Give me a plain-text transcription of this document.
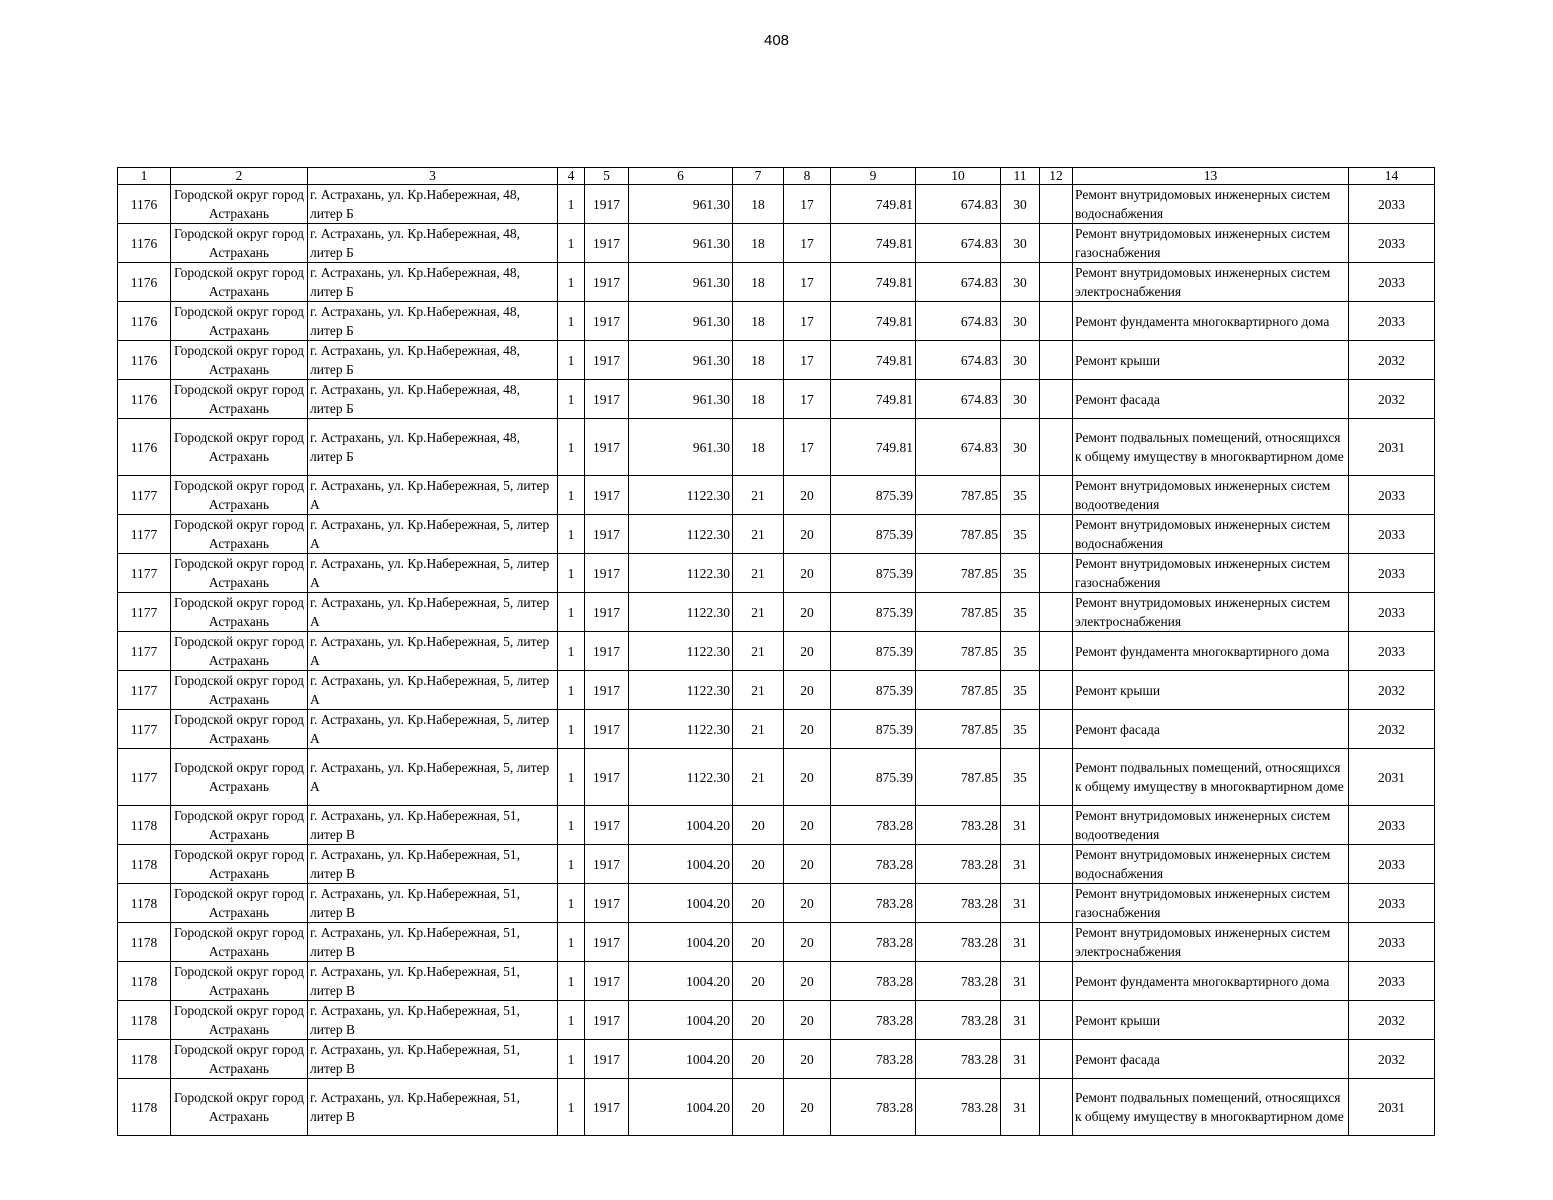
408
1	2	3	4	5	6	7	8	9	10	11	12	13	14
1176	Городской округ город Астрахань	г. Астрахань, ул. Кр.Набережная, 48, литер Б	1	1917	961.30	18	17	749.81	674.83	30		Ремонт внутридомовых инженерных систем водоснабжения	2033
1176	Городской округ город Астрахань	г. Астрахань, ул. Кр.Набережная, 48, литер Б	1	1917	961.30	18	17	749.81	674.83	30		Ремонт внутридомовых инженерных систем газоснабжения	2033
1176	Городской округ город Астрахань	г. Астрахань, ул. Кр.Набережная, 48, литер Б	1	1917	961.30	18	17	749.81	674.83	30		Ремонт внутридомовых инженерных систем электроснабжения	2033
1176	Городской округ город Астрахань	г. Астрахань, ул. Кр.Набережная, 48, литер Б	1	1917	961.30	18	17	749.81	674.83	30		Ремонт фундамента многоквартирного дома	2033
1176	Городской округ город Астрахань	г. Астрахань, ул. Кр.Набережная, 48, литер Б	1	1917	961.30	18	17	749.81	674.83	30		Ремонт крыши	2032
1176	Городской округ город Астрахань	г. Астрахань, ул. Кр.Набережная, 48, литер Б	1	1917	961.30	18	17	749.81	674.83	30		Ремонт фасада	2032
1176	Городской округ город Астрахань	г. Астрахань, ул. Кр.Набережная, 48, литер Б	1	1917	961.30	18	17	749.81	674.83	30		Ремонт подвальных помещений, относящихся к общему имуществу в многоквартирном доме	2031
1177	Городской округ город Астрахань	г. Астрахань, ул. Кр.Набережная, 5, литер А	1	1917	1122.30	21	20	875.39	787.85	35		Ремонт внутридомовых инженерных систем водоотведения	2033
1177	Городской округ город Астрахань	г. Астрахань, ул. Кр.Набережная, 5, литер А	1	1917	1122.30	21	20	875.39	787.85	35		Ремонт внутридомовых инженерных систем водоснабжения	2033
1177	Городской округ город Астрахань	г. Астрахань, ул. Кр.Набережная, 5, литер А	1	1917	1122.30	21	20	875.39	787.85	35		Ремонт внутридомовых инженерных систем газоснабжения	2033
1177	Городской округ город Астрахань	г. Астрахань, ул. Кр.Набережная, 5, литер А	1	1917	1122.30	21	20	875.39	787.85	35		Ремонт внутридомовых инженерных систем электроснабжения	2033
1177	Городской округ город Астрахань	г. Астрахань, ул. Кр.Набережная, 5, литер А	1	1917	1122.30	21	20	875.39	787.85	35		Ремонт фундамента многоквартирного дома	2033
1177	Городской округ город Астрахань	г. Астрахань, ул. Кр.Набережная, 5, литер А	1	1917	1122.30	21	20	875.39	787.85	35		Ремонт крыши	2032
1177	Городской округ город Астрахань	г. Астрахань, ул. Кр.Набережная, 5, литер А	1	1917	1122.30	21	20	875.39	787.85	35		Ремонт фасада	2032
1177	Городской округ город Астрахань	г. Астрахань, ул. Кр.Набережная, 5, литер А	1	1917	1122.30	21	20	875.39	787.85	35		Ремонт подвальных помещений, относящихся к общему имуществу в многоквартирном доме	2031
1178	Городской округ город Астрахань	г. Астрахань, ул. Кр.Набережная, 51, литер В	1	1917	1004.20	20	20	783.28	783.28	31		Ремонт внутридомовых инженерных систем водоотведения	2033
1178	Городской округ город Астрахань	г. Астрахань, ул. Кр.Набережная, 51, литер В	1	1917	1004.20	20	20	783.28	783.28	31		Ремонт внутридомовых инженерных систем водоснабжения	2033
1178	Городской округ город Астрахань	г. Астрахань, ул. Кр.Набережная, 51, литер В	1	1917	1004.20	20	20	783.28	783.28	31		Ремонт внутридомовых инженерных систем газоснабжения	2033
1178	Городской округ город Астрахань	г. Астрахань, ул. Кр.Набережная, 51, литер В	1	1917	1004.20	20	20	783.28	783.28	31		Ремонт внутридомовых инженерных систем электроснабжения	2033
1178	Городской округ город Астрахань	г. Астрахань, ул. Кр.Набережная, 51, литер В	1	1917	1004.20	20	20	783.28	783.28	31		Ремонт фундамента многоквартирного дома	2033
1178	Городской округ город Астрахань	г. Астрахань, ул. Кр.Набережная, 51, литер В	1	1917	1004.20	20	20	783.28	783.28	31		Ремонт крыши	2032
1178	Городской округ город Астрахань	г. Астрахань, ул. Кр.Набережная, 51, литер В	1	1917	1004.20	20	20	783.28	783.28	31		Ремонт фасада	2032
1178	Городской округ город Астрахань	г. Астрахань, ул. Кр.Набережная, 51, литер В	1	1917	1004.20	20	20	783.28	783.28	31		Ремонт подвальных помещений, относящихся к общему имуществу в многоквартирном доме	2031
